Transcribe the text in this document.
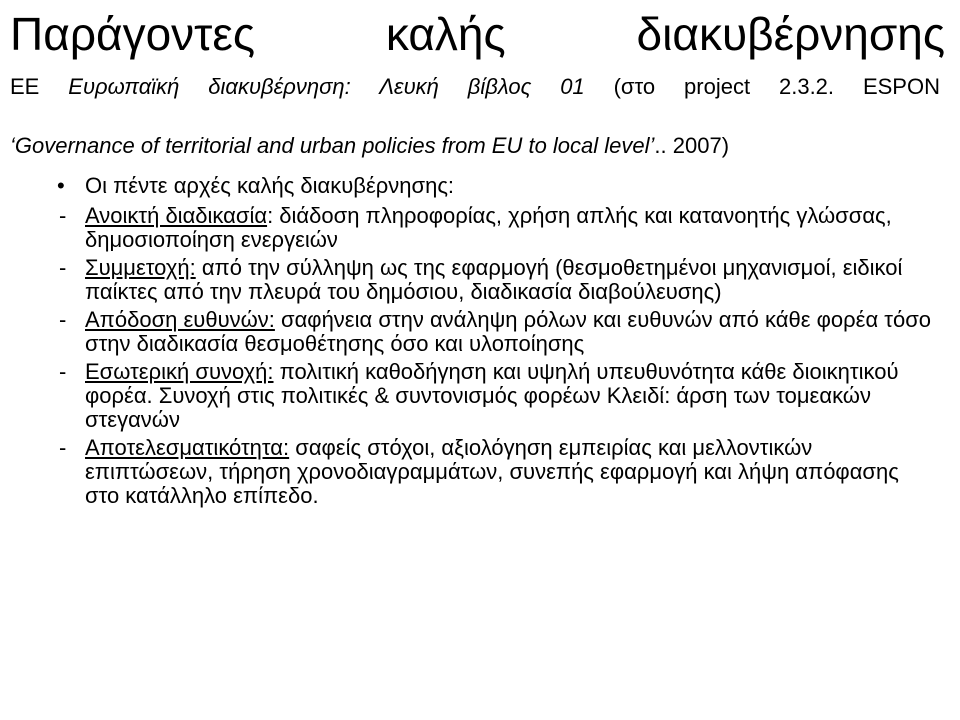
Παράγοντες καλής διακυβέρνησης
ΕΕ Ευρωπαϊκή διακυβέρνηση: Λευκή βίβλος 01 (στο project 2.3.2. ESPON
‘Governance of territorial and urban policies from EU to local level’.. 2007)
• Οι πέντε αρχές καλής διακυβέρνησης:
- Ανοικτή διαδικασία: διάδοση πληροφορίας, χρήση απλής και κατανοητής γλώσσας, δημοσιοποίηση ενεργειών
- Συμμετοχή: από την σύλληψη ως της εφαρμογή (θεσμοθετημένοι μηχανισμοί, ειδικοί παίκτες από την πλευρά του δημόσιου, διαδικασία διαβούλευσης)
- Απόδοση ευθυνών: σαφήνεια στην ανάληψη ρόλων και ευθυνών από κάθε φορέα τόσο στην διαδικασία θεσμοθέτησης όσο και υλοποίησης
- Εσωτερική συνοχή: πολιτική καθοδήγηση και υψηλή υπευθυνότητα κάθε διοικητικού φορέα. Συνοχή στις πολιτικές & συντονισμός φορέων Κλειδί: άρση των τομεακών στεγανών
- Αποτελεσματικότητα: σαφείς στόχοι, αξιολόγηση εμπειρίας και μελλοντικών επιπτώσεων, τήρηση χρονοδιαγραμμάτων, συνεπής εφαρμογή και λήψη απόφασης στο κατάλληλο επίπεδο.
